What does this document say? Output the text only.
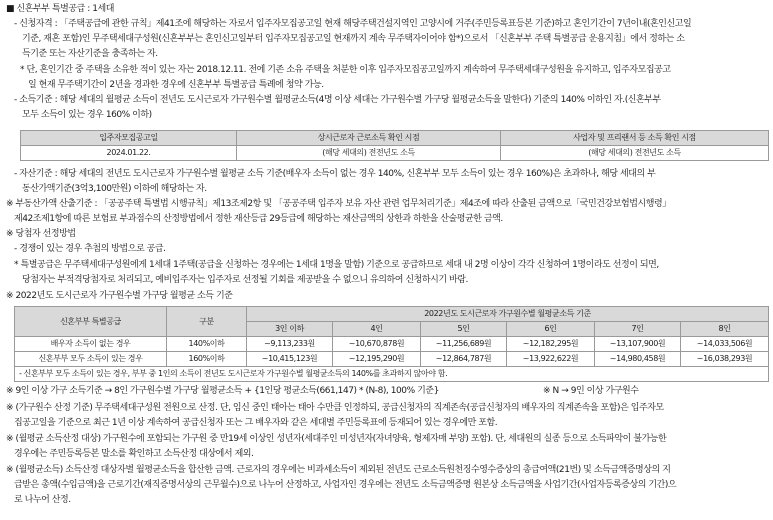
■ 신혼부부 특별공급 : 1세대
- 신청자격 : 「주택공급에 관한 규칙」제41조에 해당하는 자로서 입주자모집공고일 현재 해당주택건설지역인 고양시에 거주(주민등록표등본 기준)하고 혼인기간이 7년이내(혼인신고일
기준, 재혼 포함)인 무주택세대구성원(신혼부부는 혼인신고일부터 입주자모집공고일 현재까지 계속 무주택자이어야 함*)으로서 「신혼부부 주택 특별공급 운용지침」에서 정하는 소
득기준 또는 자산기준을 충족하는 자.
* 단, 혼인기간 중 주택을 소유한 적이 있는 자는 2018.12.11. 전에 기존 소유 주택을 처분한 이후 입주자모집공고일까지 계속하여 무주택세대구성원을 유지하고, 입주자모집공고
일 현재 무주택기간이 2년을 경과한 경우에 신혼부부 특별공급 특례에 청약 가능.
- 소득기준 : 해당 세대의 월평균 소득이 전년도 도시근로자 가구원수별 월평균소득(4명 이상 세대는 가구원수별 가구당 월평균소득을 말한다) 기준의 140% 이하인 자.(신혼부부
모두 소득이 있는 경우 160% 이하)
입주자모집공고일	상시근로자 근로소득 확인 시점	사업자 및 프리랜서 등 소득 확인 시점
2024.01.22.	(해당 세대의) 전전년도 소득	(해당 세대의) 전전년도 소득
- 자산기준 : 해당 세대의 전년도 도시근로자 가구원수별 월평균 소득 기준(배우자 소득이 없는 경우 140%, 신혼부부 모두 소득이 있는 경우 160%)은 초과하나, 해당 세대의 부
동산가액기준(3억3,100만원) 이하에 해당하는 자.
※ 부동산가액 산출기준 : 「공공주택 특별법 시행규칙」제13조제2항 및 「공공주택 입주자 보유 자산 관련 업무처리기준」제4조에 따라 산출된 금액으로「국민건강보험법시행령」
제42조제1항에 따른 보험료 부과점수의 산정방법에서 정한 재산등급 29등급에 해당하는 재산금액의 상한과 하한을 산술평균한 금액.
※ 당첨자 선정방법
- 경쟁이 있는 경우 추첨의 방법으로 공급.
* 특별공급은 무주택세대구성원에게 1세대 1주택(공급을 신청하는 경우에는 1세대 1명을 말함) 기준으로 공급하므로 세대 내 2명 이상이 각각 신청하여 1명이라도 선정이 되면,
당첨자는 부적격당첨자로 처리되고, 예비입주자는 입주자로 선정될 기회를 제공받을 수 없으니 유의하여 신청하시기 바람.
※ 2022년도 도시근로자 가구원수별 가구당 월평균 소득 기준
신혼부부 특별공급	구분	2022년도 도시근로자 가구원수별 월평균소득 기준					
		3인 이하	4인	5인	6인	7인	8인
배우자 소득이 없는 경우	140%이하	~9,113,233원	~10,670,878원	~11,256,689원	~12,182,295원	~13,107,900원	~14,033,506원
신혼부부 모두 소득이 있는 경우	160%이하	~10,415,123원	~12,195,290원	~12,864,787원	~13,922,622원	~14,980,458원	~16,038,293원
- 신혼부부 모두 소득이 있는 경우, 부부 중 1인의 소득이 전년도 도시근로자 가구원수별 월평균소득의 140%를 초과하지 않아야 함.							
※ 9인 이상 가구 소득기준 → 8인 가구원수별 가구당 월평균소득 + {1인당 평균소득(661,147) * (N-8), 100% 기준}	※ N → 9인 이상 가구원수
※ (가구원수 산정 기준) 무주택세대구성원 전원으로 산정. 단, 임신 중인 태아는 태아 수만큼 인정하되, 공급신청자의 직계존속(공급신청자의 배우자의 직계존속을 포함)은 입주자모
집공고일을 기준으로 최근 1년 이상 계속하여 공급신청자 또는 그 배우자와 같은 세대별 주민등록표에 등재되어 있는 경우에만 포함.
※ (월평균 소득산정 대상) 가구원수에 포함되는 가구원 중 만19세 이상인 성년자(세대주인 미성년자(자녀양육, 형제자매 부양) 포함). 단, 세대원의 실종 등으로 소득파악이 불가능한
경우에는 주민등록등본 말소를 확인하고 소득산정 대상에서 제외.
※ (월평균소득) 소득산정 대상자별 월평균소득을 합산한 금액. 근로자의 경우에는 비과세소득이 제외된 전년도 근로소득원천징수영수증상의 총급여액(21번) 및 소득금액증명상의 지
급받은 총액(수입금액)을 근로기간(재직증명서상의 근무월수)으로 나누어 산정하고, 사업자인 경우에는 전년도 소득금액증명 원본상 소득금액을 사업기간(사업자등록증상의 기간)으
로 나누어 산정.
